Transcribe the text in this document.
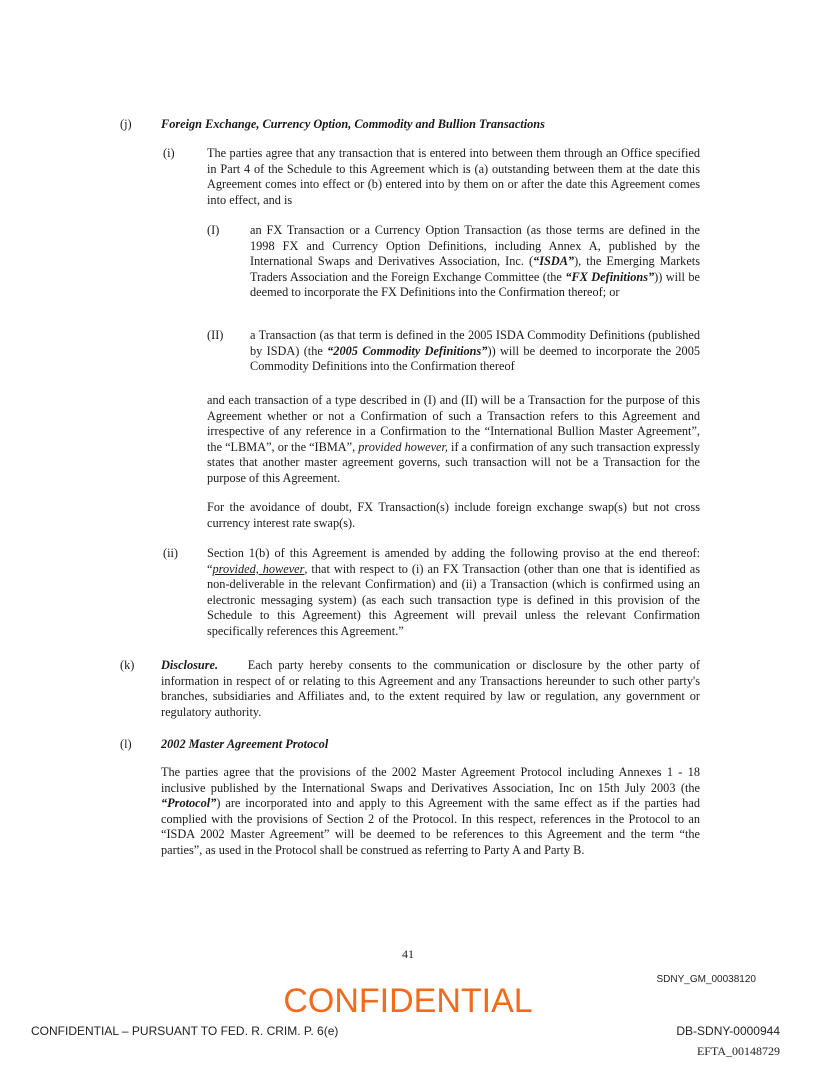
(j) Foreign Exchange, Currency Option, Commodity and Bullion Transactions
(i)	The parties agree that any transaction that is entered into between them through an Office specified in Part 4 of the Schedule to this Agreement which is (a) outstanding between them at the date this Agreement comes into effect or (b) entered into by them on or after the date this Agreement comes into effect, and is

(I) an FX Transaction or a Currency Option Transaction (as those terms are defined in the 1998 FX and Currency Option Definitions, including Annex A, published by the International Swaps and Derivatives Association, Inc. (“ISDA”), the Emerging Markets Traders Association and the Foreign Exchange Committee (the “FX Definitions”)) will be deemed to incorporate the FX Definitions into the Confirmation thereof; or

(II) a Transaction (as that term is defined in the 2005 ISDA Commodity Definitions (published by ISDA) (the “2005 Commodity Definitions”)) will be deemed to incorporate the 2005 Commodity Definitions into the Confirmation thereof

and each transaction of a type described in (I) and (II) will be a Transaction for the purpose of this Agreement whether or not a Confirmation of such a Transaction refers to this Agreement and irrespective of any reference in a Confirmation to the “International Bullion Master Agreement”, the “LBMA”, or the “IBMA”, provided however, if a confirmation of any such transaction expressly states that another master agreement governs, such transaction will not be a Transaction for the purpose of this Agreement.

For the avoidance of doubt, FX Transaction(s) include foreign exchange swap(s) but not cross currency interest rate swap(s).

(ii) Section 1(b) of this Agreement is amended by adding the following proviso at the end thereof: “provided, however, that with respect to (i) an FX Transaction (other than one that is identified as non-deliverable in the relevant Confirmation) and (ii) a Transaction (which is confirmed using an electronic messaging system) (as each such transaction type is defined in this provision of the Schedule to this Agreement) this Agreement will prevail unless the relevant Confirmation specifically references this Agreement.”

(k) Disclosure. Each party hereby consents to the communication or disclosure by the other party of information in respect of or relating to this Agreement and any Transactions hereunder to such other party's branches, subsidiaries and Affiliates and, to the extent required by law or regulation, any government or regulatory authority.

(l) 2002 Master Agreement Protocol

The parties agree that the provisions of the 2002 Master Agreement Protocol including Annexes 1 - 18 inclusive published by the International Swaps and Derivatives Association, Inc on 15th July 2003 (the “Protocol”) are incorporated into and apply to this Agreement with the same effect as if the parties had complied with the provisions of Section 2 of the Protocol. In this respect, references in the Protocol to an “ISDA 2002 Master Agreement” will be deemed to be references to this Agreement and the term “the parties”, as used in the Protocol shall be construed as referring to Party A and Party B.

41
SDNY_GM_00038120
CONFIDENTIAL
CONFIDENTIAL – PURSUANT TO FED. R. CRIM. P. 6(e)	DB-SDNY-0000944
EFTA_00148729
